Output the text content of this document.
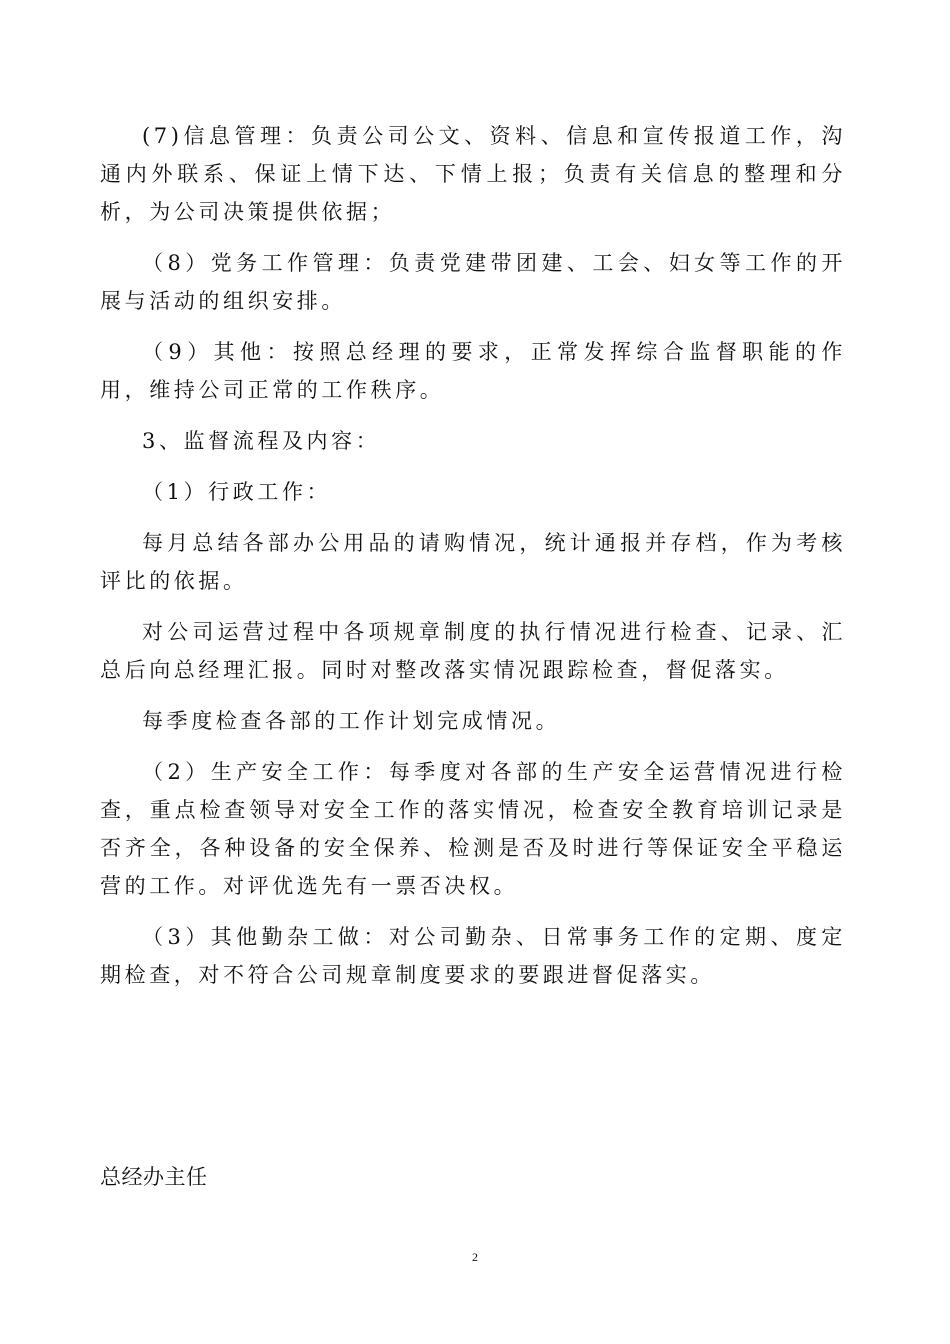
(7)信息管理：负责公司公文、资料、信息和宣传报道工作，沟通内外联系、保证上情下达、下情上报；负责有关信息的整理和分析，为公司决策提供依据；

（8）党务工作管理：负责党建带团建、工会、妇女等工作的开展与活动的组织安排。

（9）其他：按照总经理的要求，正常发挥综合监督职能的作用，维持公司正常的工作秩序。

3、监督流程及内容：

（1）行政工作：

每月总结各部办公用品的请购情况，统计通报并存档，作为考核评比的依据。

对公司运营过程中各项规章制度的执行情况进行检查、记录、汇总后向总经理汇报。同时对整改落实情况跟踪检查，督促落实。

每季度检查各部的工作计划完成情况。

（2）生产安全工作：每季度对各部的生产安全运营情况进行检查，重点检查领导对安全工作的落实情况，检查安全教育培训记录是否齐全，各种设备的安全保养、检测是否及时进行等保证安全平稳运营的工作。对评优选先有一票否决权。

（3）其他勤杂工做：对公司勤杂、日常事务工作的定期、度定期检查，对不符合公司规章制度要求的要跟进督促落实。

总经办主任

2
